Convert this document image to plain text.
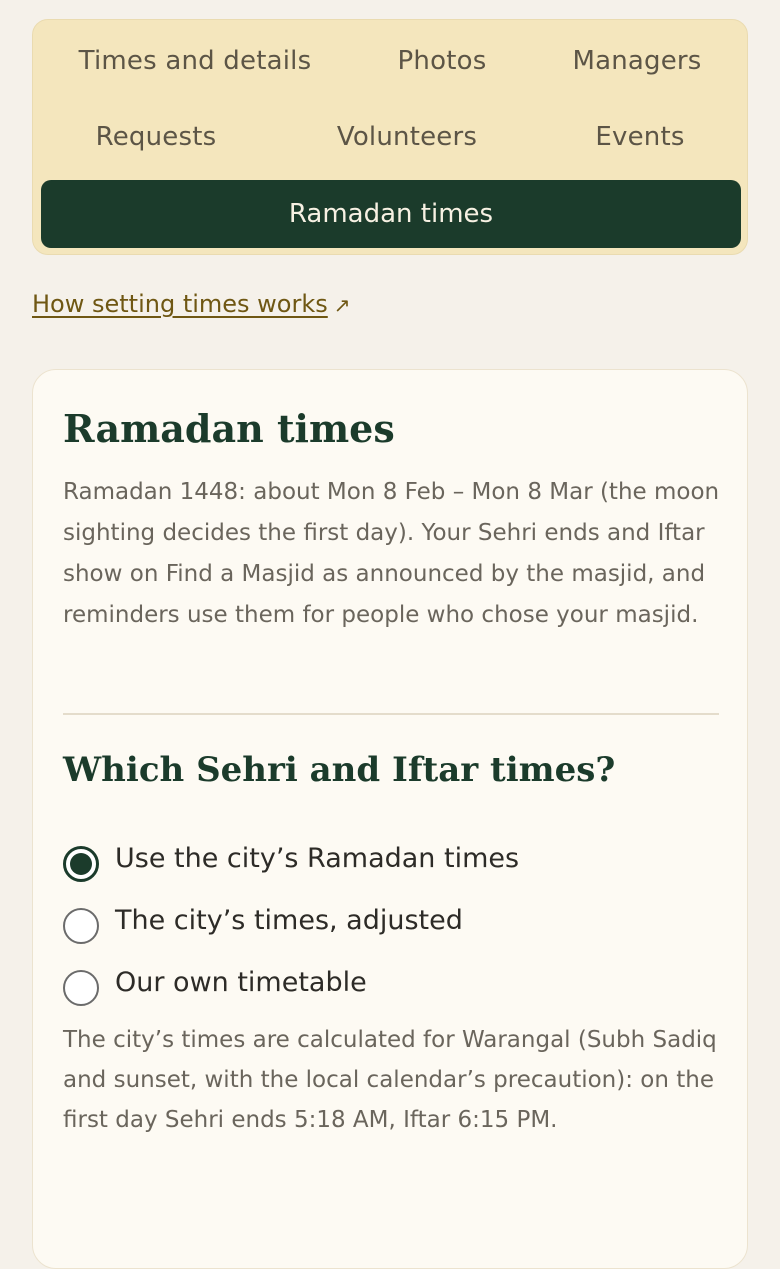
Times and details	Photos	Managers
Requests	Volunteers	Events
Ramadan times
How setting times works ↗
Ramadan times

Ramadan 1448: about Mon 8 Feb – Mon 8 Mar (the moon sighting decides the first day). Your Sehri ends and Iftar show on Find a Masjid as announced by the masjid, and reminders use them for people who chose your masjid.

Which Sehri and Iftar times?
Use the city’s Ramadan times
The city’s times, adjusted
Our own timetable

The city’s times are calculated for Warangal (Subh Sadiq and sunset, with the local calendar’s precaution): on the first day Sehri ends 5:18 AM, Iftar 6:15 PM.
